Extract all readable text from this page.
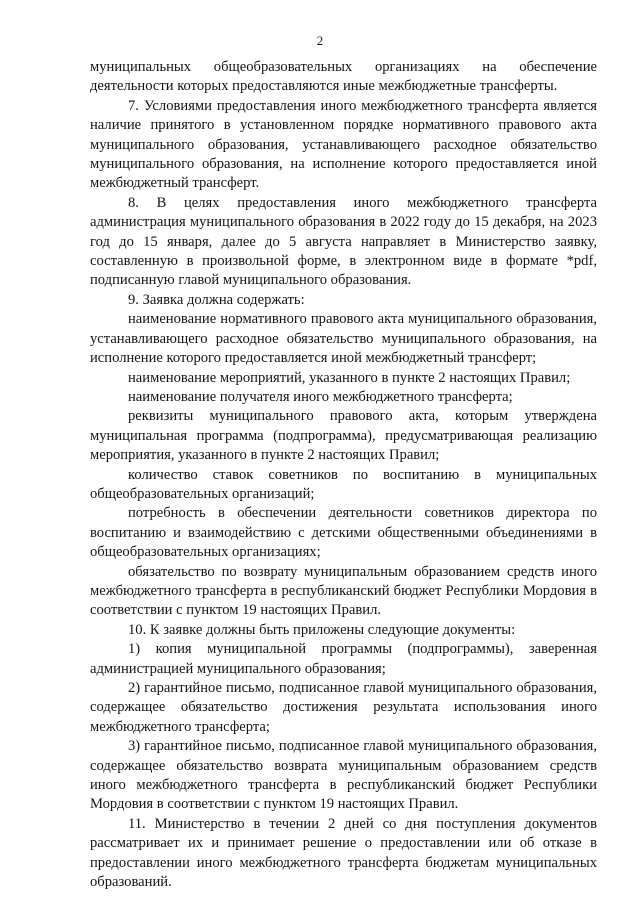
2

муниципальных общеобразовательных организациях на обеспечение деятельности которых предоставляются иные межбюджетные трансферты.

7. Условиями предоставления иного межбюджетного трансферта является наличие принятого в установленном порядке нормативного правового акта муниципального образования, устанавливающего расходное обязательство муниципального образования, на исполнение которого предоставляется иной межбюджетный трансферт.

8. В целях предоставления иного межбюджетного трансферта администрация муниципального образования в 2022 году до 15 декабря, на 2023 год до 15 января, далее до 5 августа направляет в Министерство заявку, составленную в произвольной форме, в электронном виде в формате *pdf, подписанную главой муниципального образования.

9. Заявка должна содержать:

наименование нормативного правового акта муниципального образования, устанавливающего расходное обязательство муниципального образования, на исполнение которого предоставляется иной межбюджетный трансферт;

наименование мероприятий, указанного в пункте 2 настоящих Правил;

наименование получателя иного межбюджетного трансферта;

реквизиты муниципального правового акта, которым утверждена муниципальная программа (подпрограмма), предусматривающая реализацию мероприятия, указанного в пункте 2 настоящих Правил;

количество ставок советников по воспитанию в муниципальных общеобразовательных организаций;

потребность в обеспечении деятельности советников директора по воспитанию и взаимодействию с детскими общественными объединениями в общеобразовательных организациях;

обязательство по возврату муниципальным образованием средств иного межбюджетного трансферта в республиканский бюджет Республики Мордовия в соответствии с пунктом 19 настоящих Правил.

10. К заявке должны быть приложены следующие документы:

1) копия муниципальной программы (подпрограммы), заверенная администрацией муниципального образования;

2) гарантийное письмо, подписанное главой муниципального образования, содержащее обязательство достижения результата использования иного межбюджетного трансферта;

3) гарантийное письмо, подписанное главой муниципального образования, содержащее обязательство возврата муниципальным образованием средств иного межбюджетного трансферта в республиканский бюджет Республики Мордовия в соответствии с пунктом 19 настоящих Правил.

11. Министерство в течении 2 дней со дня поступления документов рассматривает их и принимает решение о предоставлении или об отказе в предоставлении иного межбюджетного трансферта бюджетам муниципальных образований.
